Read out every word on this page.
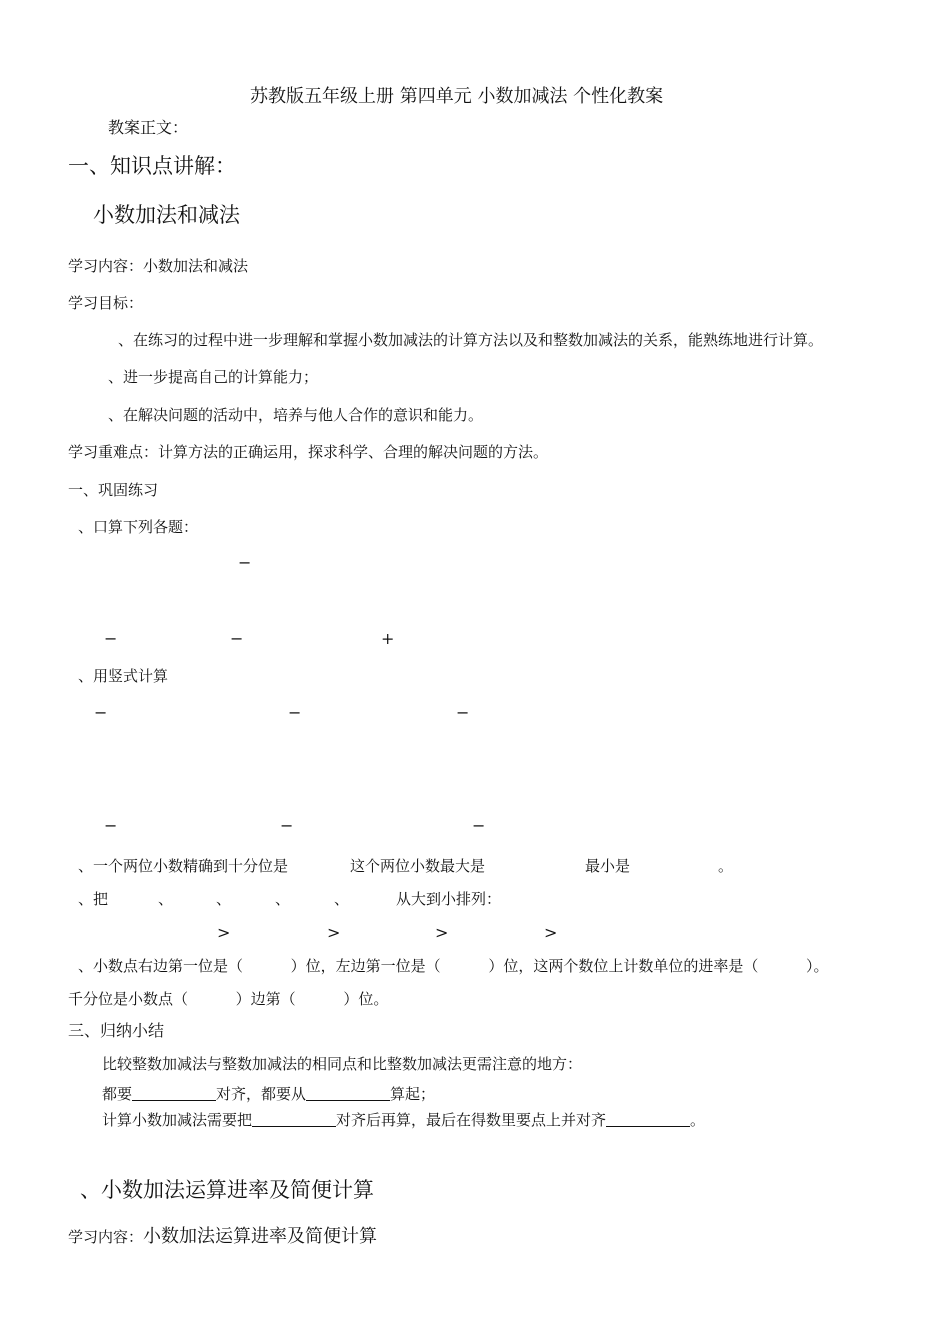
苏教版五年级上册 第四单元 小数加减法 个性化教案
教案正文：
一、知识点讲解：
小数加法和减法
学习内容：小数加法和减法
学习目标：
、在练习的过程中进一步理解和掌握小数加减法的计算方法以及和整数加减法的关系，能熟练地进行计算。
、进一步提高自己的计算能力；
、在解决问题的活动中，培养与他人合作的意识和能力。
学习重难点：计算方法的正确运用，探求科学、合理的解决问题的方法。
一、巩固练习
、口算下列各题：
−
−	−	+
、用竖式计算
−	−	−
−	−	−
、一个两位小数精确到十分位是	这个两位小数最大是	最小是	。
、把	、	、	、	、	从大到小排列：
>	>	>	>
、小数点右边第一位是（          ）位，左边第一位是（          ）位，这两个数位上计数单位的进率是（          ）。
千分位是小数点（          ）边第（          ）位。
三、归纳小结
比较整数加减法与整数加减法的相同点和比整数加减法更需注意的地方：
都要	对齐，都要从	算起；
计算小数加减法需要把	对齐后再算，最后在得数里要点上并对齐	。
、小数加法运算进率及简便计算
学习内容：小数加法运算进率及简便计算
